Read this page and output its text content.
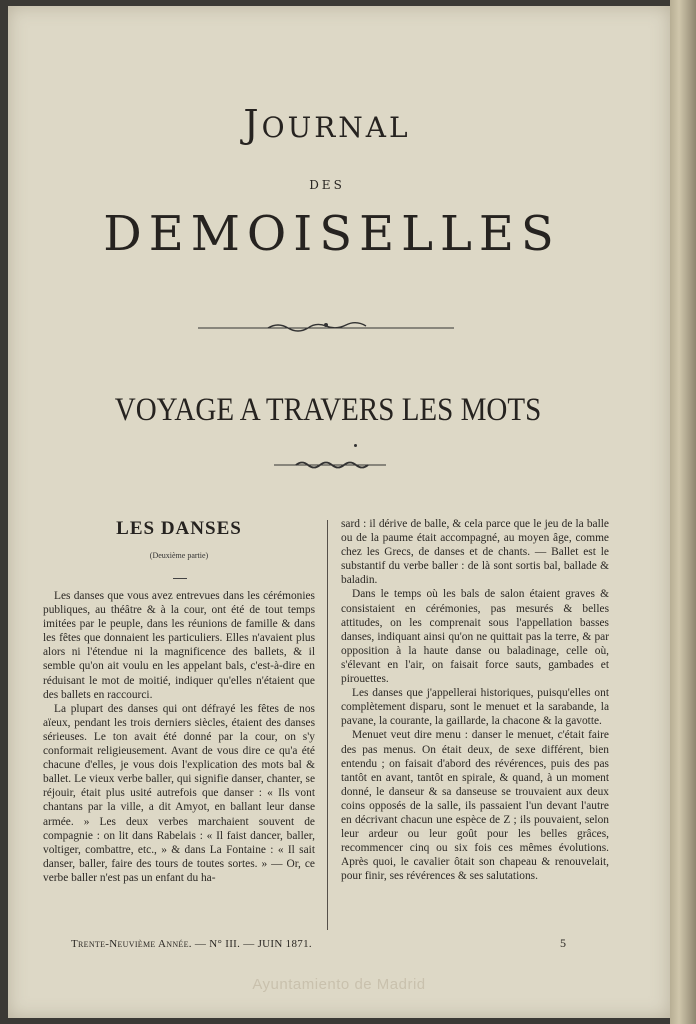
JOURNAL
DES
DEMOISELLES
VOYAGE A TRAVERS LES MOTS
LES DANSES
(Deuxième partie)

Les danses que vous avez entrevues dans les cérémonies publiques, au théâtre & à la cour, ont été de tout temps imitées par le peuple, dans les réunions de famille & dans les fêtes que donnaient les particuliers. Elles n'avaient plus alors ni l'étendue ni la magnificence des ballets, & il semble qu'on ait voulu en les appelant bals, c'est-à-dire en réduisant le mot de moitié, indiquer qu'elles n'étaient que des ballets en raccourci.

La plupart des danses qui ont défrayé les fêtes de nos aïeux, pendant les trois derniers siècles, étaient des danses sérieuses. Le ton avait été donné par la cour, on s'y conformait religieusement. Avant de vous dire ce qu'a été chacune d'elles, je vous dois l'explication des mots bal & ballet. Le vieux verbe baller, qui signifie danser, chanter, se réjouir, était plus usité autrefois que danser : « Ils vont chantans par la ville, a dit Amyot, en ballant leur danse armée. » Les deux verbes marchaient souvent de compagnie : on lit dans Rabelais : « Il faist dancer, baller, voltiger, combattre, etc., » & dans La Fontaine : « Il sait danser, baller, faire des tours de toutes sortes. » — Or, ce verbe baller n'est pas un enfant du ha-

sard : il dérive de balle, & cela parce que le jeu de la balle ou de la paume était accompagné, au moyen âge, comme chez les Grecs, de danses et de chants. — Ballet est le substantif du verbe baller : de là sont sortis bal, ballade & baladin.

Dans le temps où les bals de salon étaient graves & consistaient en cérémonies, pas mesurés & belles attitudes, on les comprenait sous l'appellation basses danses, indiquant ainsi qu'on ne quittait pas la terre, & par opposition à la haute danse ou baladinage, celle où, s'élevant en l'air, on faisait force sauts, gambades et pirouettes.

Les danses que j'appellerai historiques, puisqu'elles ont complètement disparu, sont le menuet et la sarabande, la pavane, la courante, la gaillarde, la chacone & la gavotte.

Menuet veut dire menu : danser le menuet, c'était faire des pas menus. On était deux, de sexe différent, bien entendu ; on faisait d'abord des révérences, puis des pas tantôt en avant, tantôt en spirale, & quand, à un moment donné, le danseur & sa danseuse se trouvaient aux deux coins opposés de la salle, ils passaient l'un devant l'autre en décrivant chacun une espèce de Z ; ils pouvaient, selon leur ardeur ou leur goût pour les belles grâces, recommencer cinq ou six fois ces mêmes évolutions. Après quoi, le cavalier ôtait son chapeau & renouvelait, pour finir, ses révérences & ses salutations.

Trente-Neuvième Année. — N° III. — JUIN 1871.	5
Ayuntamiento de Madrid
